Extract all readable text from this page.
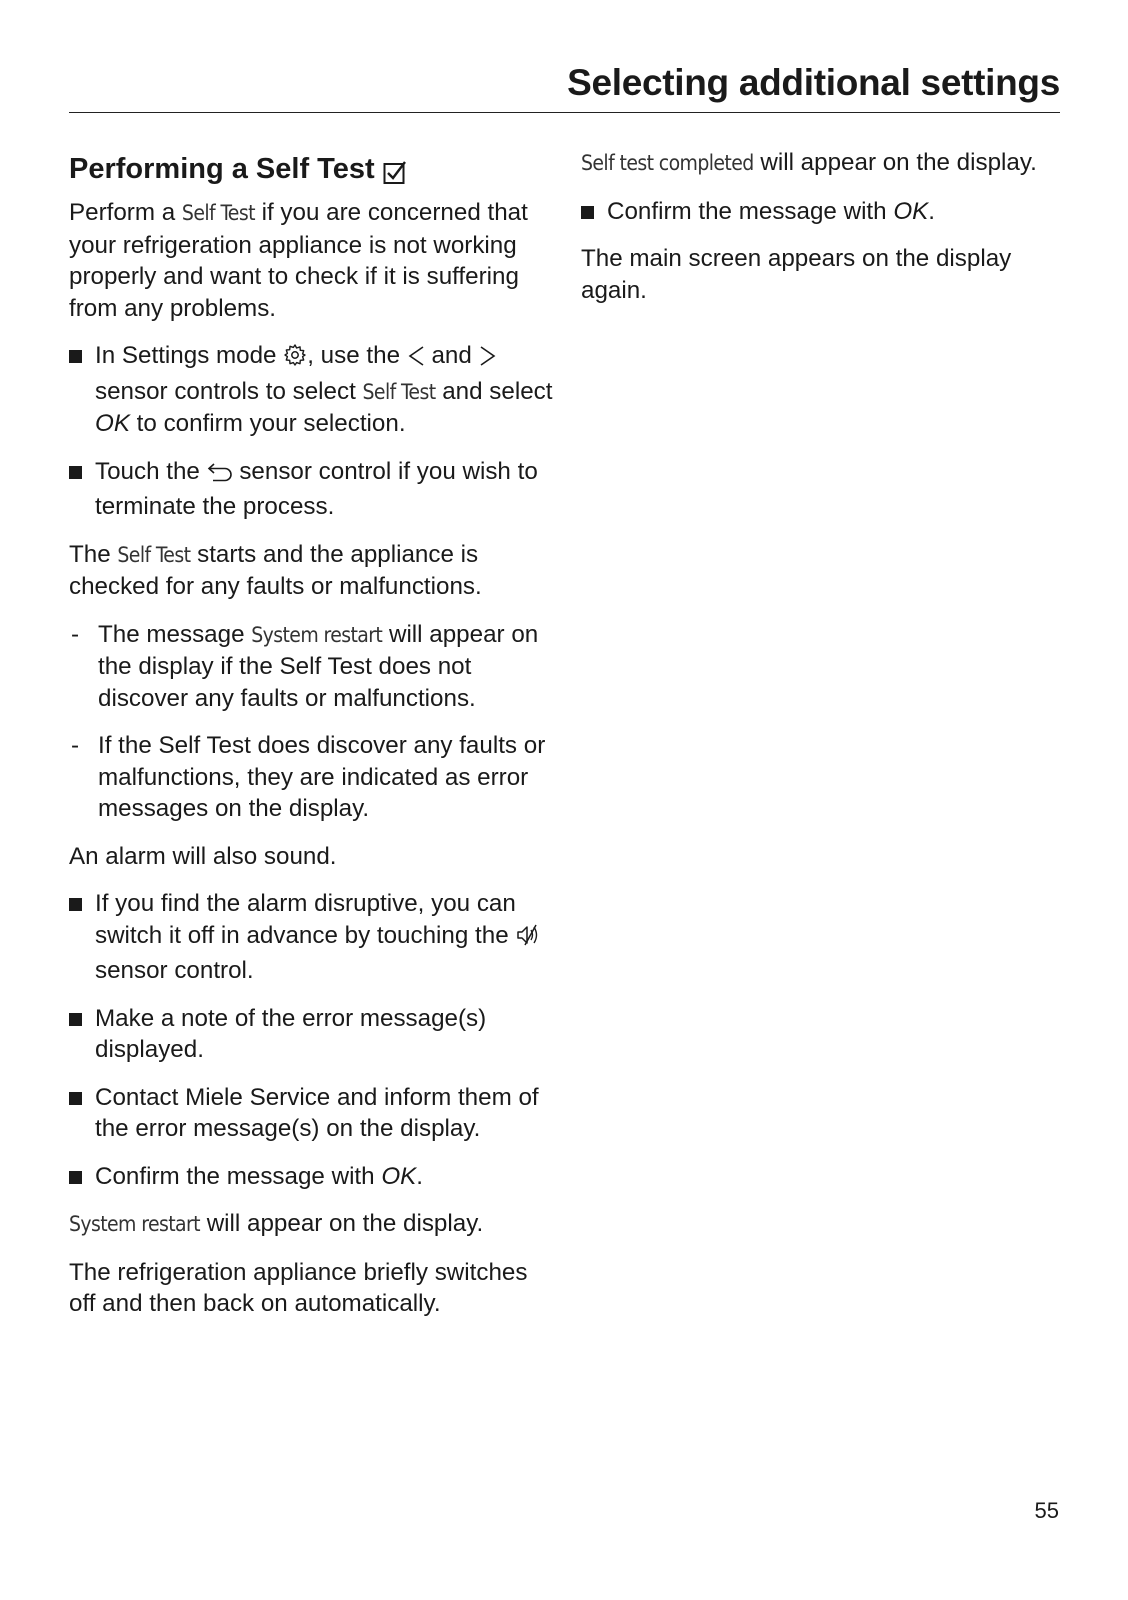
Selecting additional settings
Performing a Self Test

Perform a Self Test if you are concerned that your refrigeration appliance is not working properly and want to check if it is suffering from any problems.

In Settings mode , use the  and  sensor controls to select Self Test and select OK to confirm your selection.
Touch the  sensor control if you wish to terminate the process.

The Self Test starts and the appliance is checked for any faults or malfunctions.

- The message System restart will appear on the display if the Self Test does not discover any faults or malfunctions.
- If the Self Test does discover any faults or malfunctions, they are indicated as error messages on the display.

An alarm will also sound.

If you find the alarm disruptive, you can switch it off in advance by touching the  sensor control.
Make a note of the error message(s) displayed.
Contact Miele Service and inform them of the error message(s) on the display.
Confirm the message with OK.

System restart will appear on the display.

The refrigeration appliance briefly switches off and then back on automatically.

Self test completed will appear on the display.

Confirm the message with OK.

The main screen appears on the display again.

55
